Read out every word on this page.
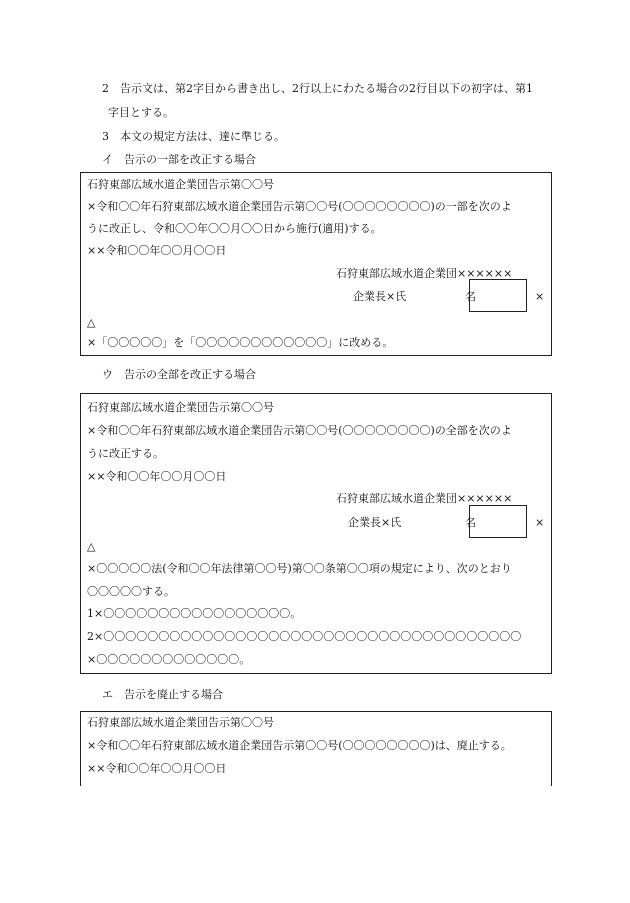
2　告示文は、第2字目から書き出し、2行以上にわたる場合の2行目以下の初字は、第1
字目とする。
3　本文の規定方法は、達に準じる。
イ　告示の一部を改正する場合
石狩東部広域水道企業団告示第〇〇号
×令和〇〇年石狩東部広域水道企業団告示第〇〇号(〇〇〇〇〇〇〇〇)の一部を次のよ
うに改正し、令和〇〇年〇〇月〇〇日から施行(適用)する。
××令和〇〇年〇〇月〇〇日
石狩東部広域水道企業団××××××
企業長×氏	名	×
△
×「〇〇〇〇〇」を「〇〇〇〇〇〇〇〇〇〇〇〇」に改める。
ウ　告示の全部を改正する場合
石狩東部広域水道企業団告示第〇〇号
×令和〇〇年石狩東部広域水道企業団告示第〇〇号(〇〇〇〇〇〇〇〇)の全部を次のよ
うに改正する。
××令和〇〇年〇〇月〇〇日
石狩東部広域水道企業団××××××
企業長×氏	名	×
△
×〇〇〇〇〇法(令和〇〇年法律第〇〇号)第〇〇条第〇〇項の規定により、次のとおり
〇〇〇〇〇する。
1×〇〇〇〇〇〇〇〇〇〇〇〇〇〇〇〇〇。
2×〇〇〇〇〇〇〇〇〇〇〇〇〇〇〇〇〇〇〇〇〇〇〇〇〇〇〇〇〇〇〇〇〇〇〇〇〇〇
×〇〇〇〇〇〇〇〇〇〇〇〇〇。
エ　告示を廃止する場合
石狩東部広域水道企業団告示第〇〇号
×令和〇〇年石狩東部広域水道企業団告示第〇〇号(〇〇〇〇〇〇〇〇)は、廃止する。
××令和〇〇年〇〇月〇〇日
